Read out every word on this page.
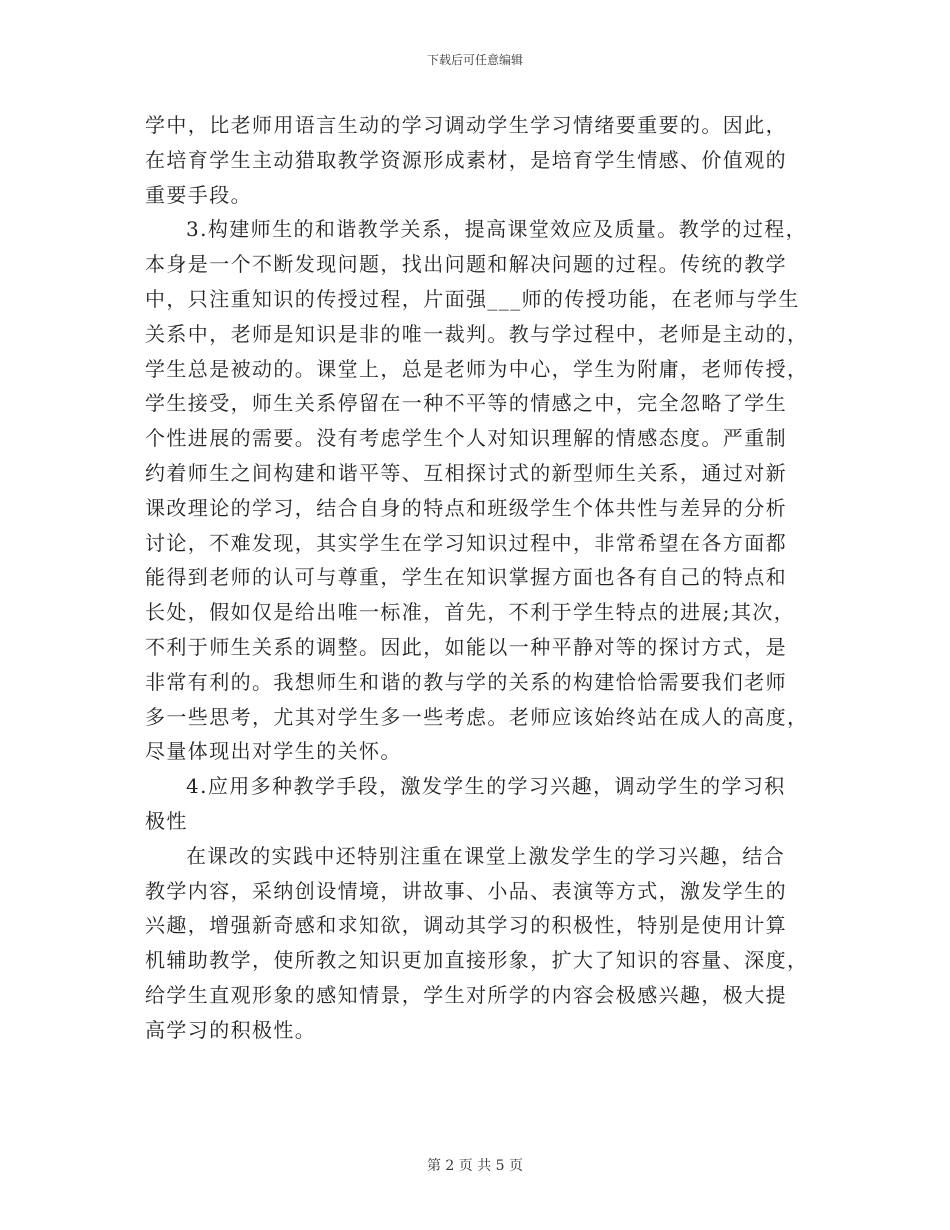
下载后可任意编辑
学中，比老师用语言生动的学习调动学生学习情绪要重要的。因此，
在培育学生主动猎取教学资源形成素材，是培育学生情感、价值观的
重要手段。
3.构建师生的和谐教学关系，提高课堂效应及质量。教学的过程，
本身是一个不断发现问题，找出问题和解决问题的过程。传统的教学
中，只注重知识的传授过程，片面强___师的传授功能，在老师与学生
关系中，老师是知识是非的唯一裁判。教与学过程中，老师是主动的，
学生总是被动的。课堂上，总是老师为中心，学生为附庸，老师传授，
学生接受，师生关系停留在一种不平等的情感之中，完全忽略了学生
个性进展的需要。没有考虑学生个人对知识理解的情感态度。严重制
约着师生之间构建和谐平等、互相探讨式的新型师生关系，通过对新
课改理论的学习，结合自身的特点和班级学生个体共性与差异的分析
讨论，不难发现，其实学生在学习知识过程中，非常希望在各方面都
能得到老师的认可与尊重，学生在知识掌握方面也各有自己的特点和
长处，假如仅是给出唯一标准，首先，不利于学生特点的进展;其次，
不利于师生关系的调整。因此，如能以一种平静对等的探讨方式，是
非常有利的。我想师生和谐的教与学的关系的构建恰恰需要我们老师
多一些思考，尤其对学生多一些考虑。老师应该始终站在成人的高度，
尽量体现出对学生的关怀。
4.应用多种教学手段，激发学生的学习兴趣，调动学生的学习积
极性
在课改的实践中还特别注重在课堂上激发学生的学习兴趣，结合
教学内容，采纳创设情境，讲故事、小品、表演等方式，激发学生的
兴趣，增强新奇感和求知欲，调动其学习的积极性，特别是使用计算
机辅助教学，使所教之知识更加直接形象，扩大了知识的容量、深度，
给学生直观形象的感知情景，学生对所学的内容会极感兴趣，极大提
高学习的积极性。
第 2 页 共 5 页
